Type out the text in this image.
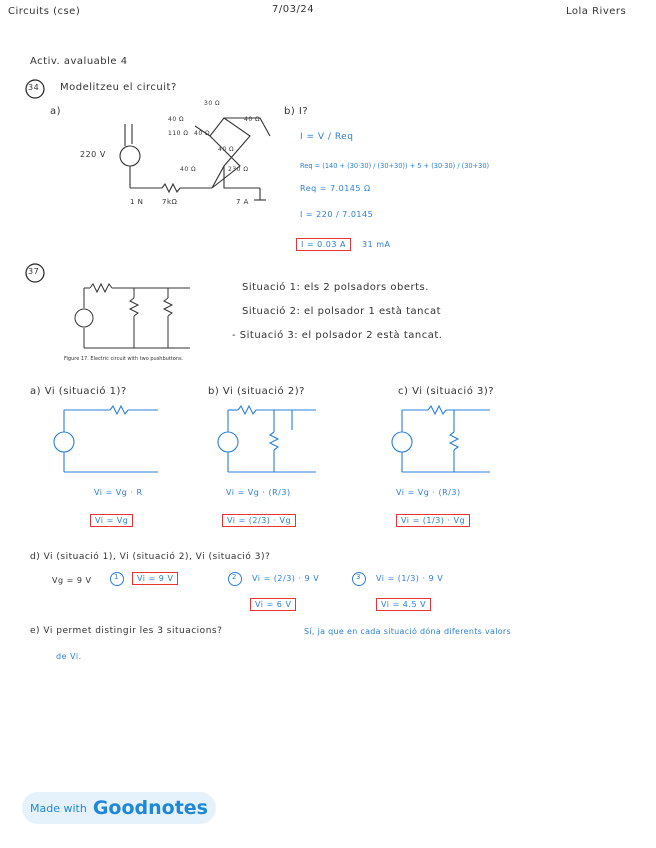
Circuits (cse)	7/03/24	Lola Rivers
Activ. avaluable 4
34 Modelitzeu el circuit?
a)	b) I?
220 V
30 Ω
40 Ω
110 Ω 40 Ω
40 Ω
40 Ω
40 Ω	230 Ω
1 N	7kΩ	7 A
I = V / Req
Req = (140 + (30·30) / (30+30)) + 5 + (30·30) / (30+30)
Req = 7.0145 Ω
I = 220 / 7.0145
I = 0.03 A	31 mA
37
Figure 17. Electric circuit with two pushbuttons.
Situació 1: els 2 polsadors oberts.
Situació 2: el polsador 1 està tancat
- Situació 3: el polsador 2 està tancat.
a) Vi (situació 1)?	b) Vi (situació 2)?	c) Vi (situació 3)?
Vi = Vg · R
Vi = Vg
Vi = Vg · (R/3)
Vi = (2/3) · Vg
Vi = Vg · (R/3)
Vi = (1/3) · Vg
d) Vi (situació 1), Vi (situació 2), Vi (situació 3)?
Vg = 9 V	1	Vi = 9 V	2 Vi = (2/3) · 9 V
Vi = 6 V
3 Vi = (1/3) · 9 V
Vi = 4.5 V
e) Vi permet distingir les 3 situacions?	Sí, ja que en cada situació dóna diferents valors
de Vi.
Made with Goodnotes
